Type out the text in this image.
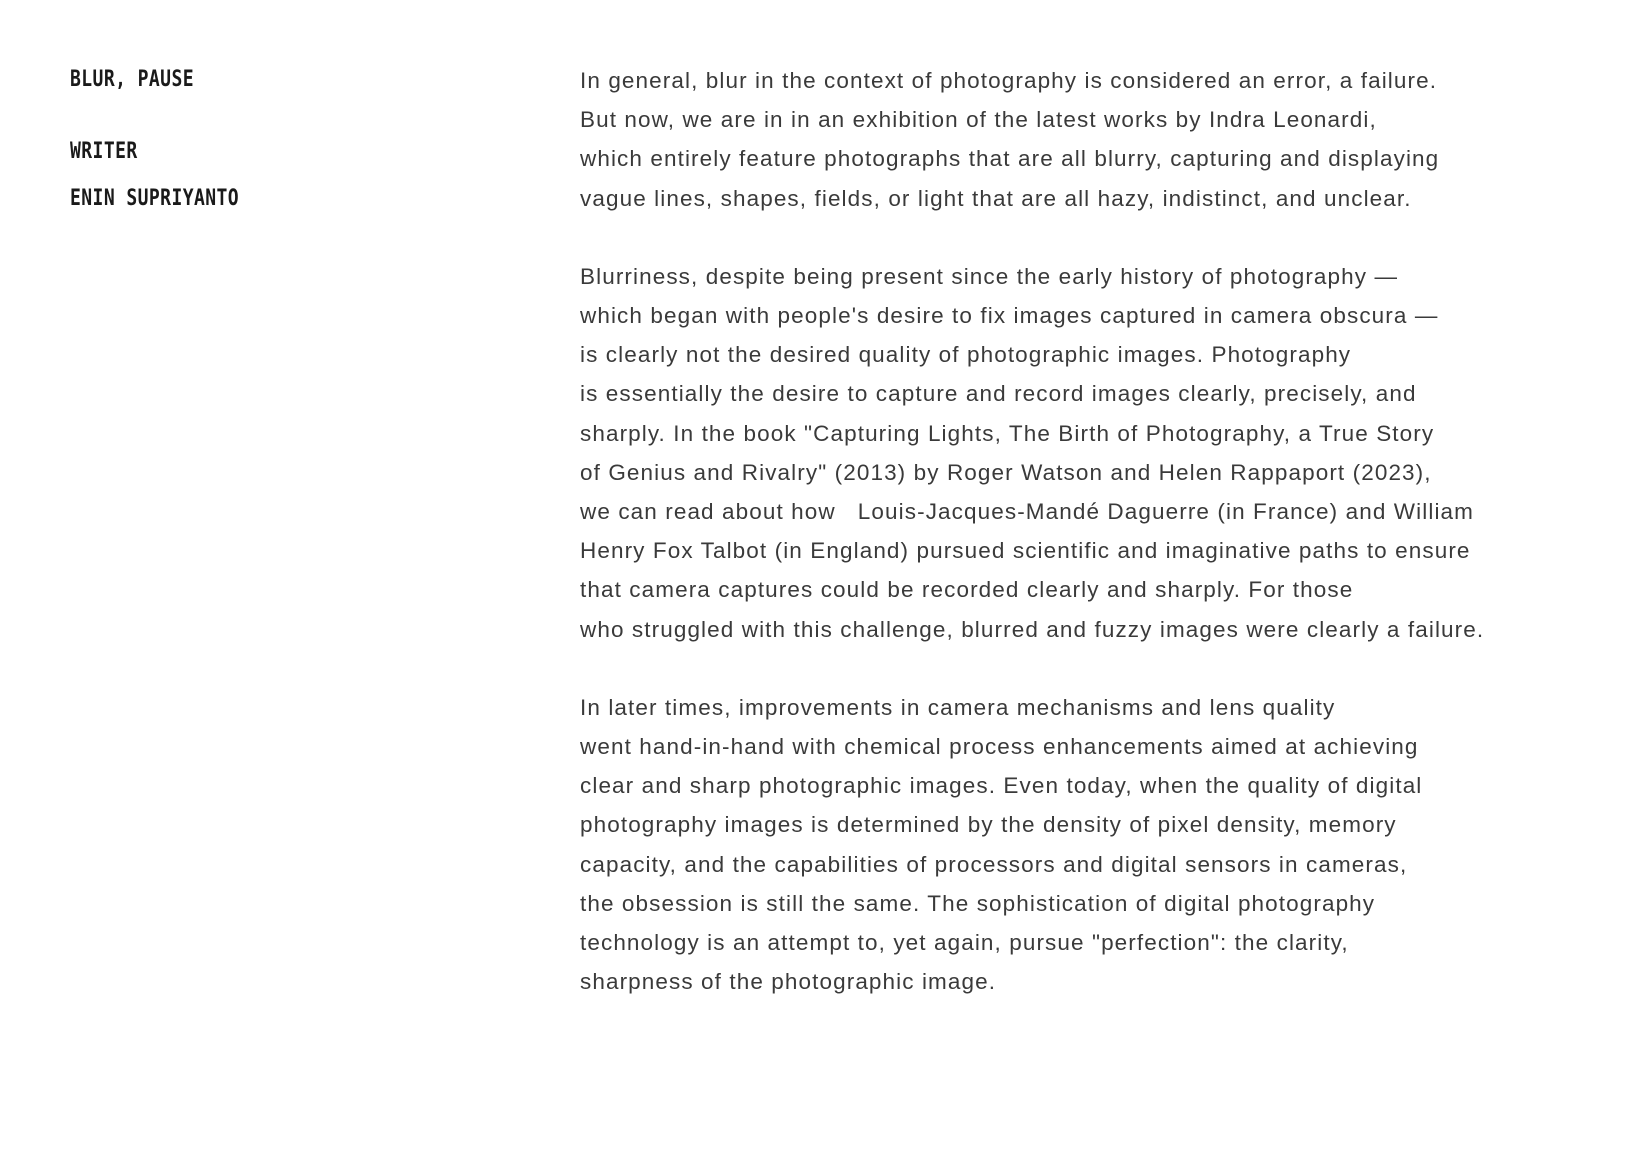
BLUR, PAUSE
WRITER
ENIN SUPRIYANTO

In general, blur in the context of photography is considered an error, a failure.
But now, we are in in an exhibition of the latest works by Indra Leonardi,
which entirely feature photographs that are all blurry, capturing and displaying
vague lines, shapes, fields, or light that are all hazy, indistinct, and unclear.

Blurriness, despite being present since the early history of photography —
which began with people's desire to fix images captured in camera obscura —
is clearly not the desired quality of photographic images. Photography
is essentially the desire to capture and record images clearly, precisely, and
sharply. In the book "Capturing Lights, The Birth of Photography, a True Story
of Genius and Rivalry" (2013) by Roger Watson and Helen Rappaport (2023),
we can read about how   Louis-Jacques-Mandé Daguerre (in France) and William
Henry Fox Talbot (in England) pursued scientific and imaginative paths to ensure
that camera captures could be recorded clearly and sharply. For those
who struggled with this challenge, blurred and fuzzy images were clearly a failure.

In later times, improvements in camera mechanisms and lens quality
went hand-in-hand with chemical process enhancements aimed at achieving
clear and sharp photographic images. Even today, when the quality of digital
photography images is determined by the density of pixel density, memory
capacity, and the capabilities of processors and digital sensors in cameras,
the obsession is still the same. The sophistication of digital photography
technology is an attempt to, yet again, pursue "perfection": the clarity,
sharpness of the photographic image.
